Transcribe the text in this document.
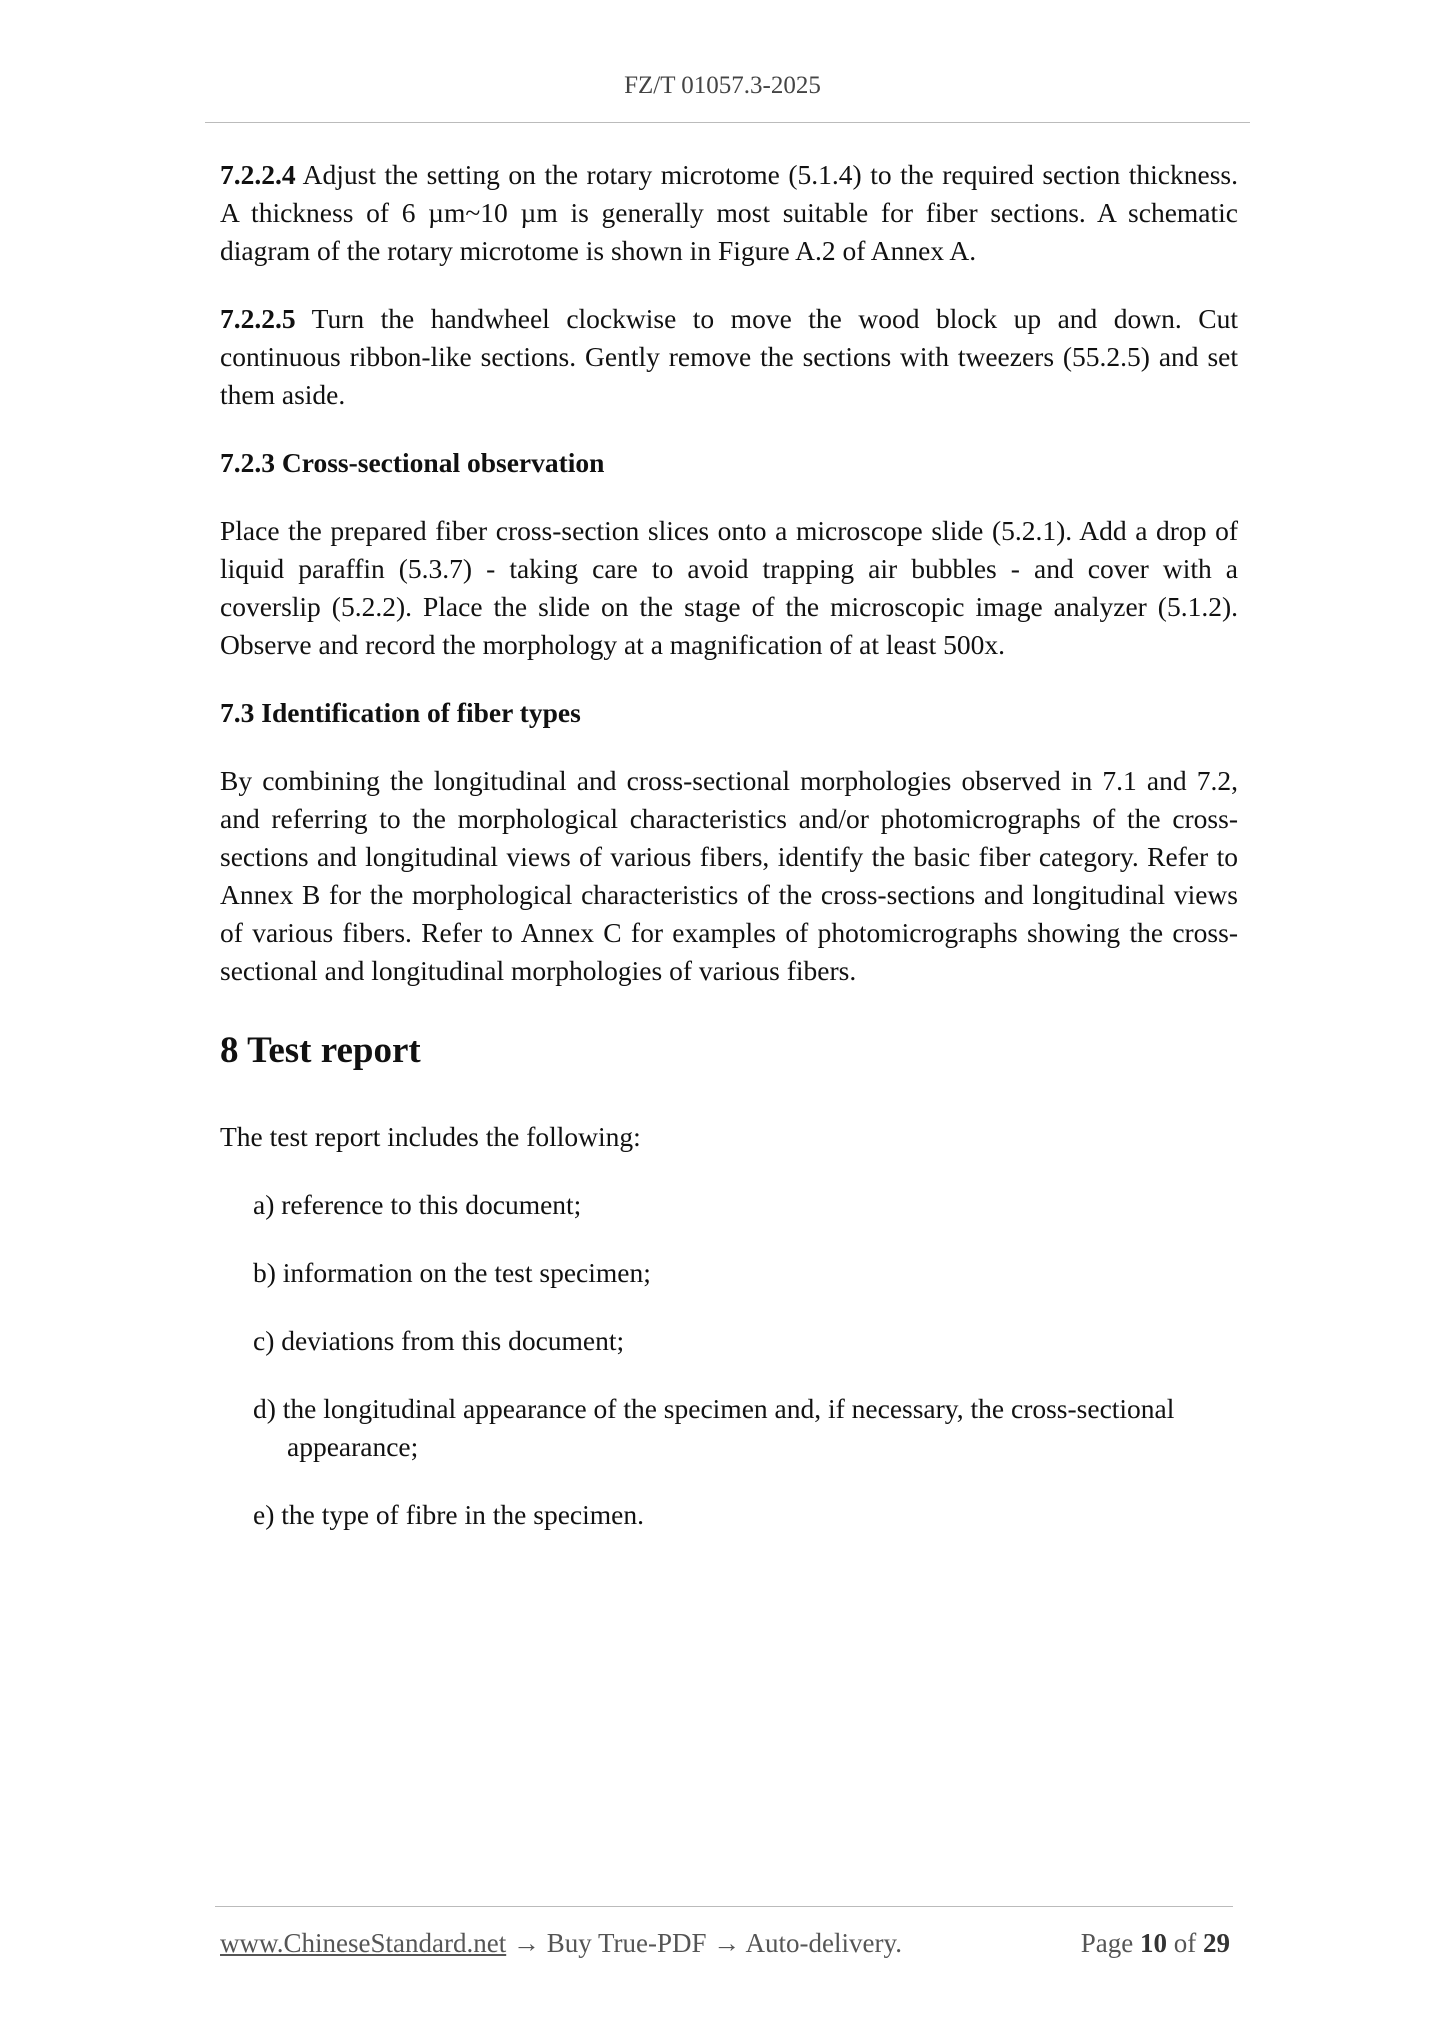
FZ/T 01057.3-2025

7.2.2.4 Adjust the setting on the rotary microtome (5.1.4) to the required section thickness. A thickness of 6 µm~10 µm is generally most suitable for fiber sections. A schematic diagram of the rotary microtome is shown in Figure A.2 of Annex A.

7.2.2.5 Turn the handwheel clockwise to move the wood block up and down. Cut continuous ribbon-like sections. Gently remove the sections with tweezers (55.2.5) and set them aside.

7.2.3 Cross-sectional observation

Place the prepared fiber cross-section slices onto a microscope slide (5.2.1). Add a drop of liquid paraffin (5.3.7) - taking care to avoid trapping air bubbles - and cover with a coverslip (5.2.2). Place the slide on the stage of the microscopic image analyzer (5.1.2). Observe and record the morphology at a magnification of at least 500x.

7.3 Identification of fiber types

By combining the longitudinal and cross-sectional morphologies observed in 7.1 and 7.2, and referring to the morphological characteristics and/or photomicrographs of the cross-sections and longitudinal views of various fibers, identify the basic fiber category. Refer to Annex B for the morphological characteristics of the cross-sections and longitudinal views of various fibers. Refer to Annex C for examples of photomicrographs showing the cross-sectional and longitudinal morphologies of various fibers.

8 Test report

The test report includes the following:

a) reference to this document;
b) information on the test specimen;
c) deviations from this document;
d) the longitudinal appearance of the specimen and, if necessary, the cross-sectional appearance;
e) the type of fibre in the specimen.
www.ChineseStandard.net → Buy True-PDF → Auto-delivery.	Page 10 of 29
